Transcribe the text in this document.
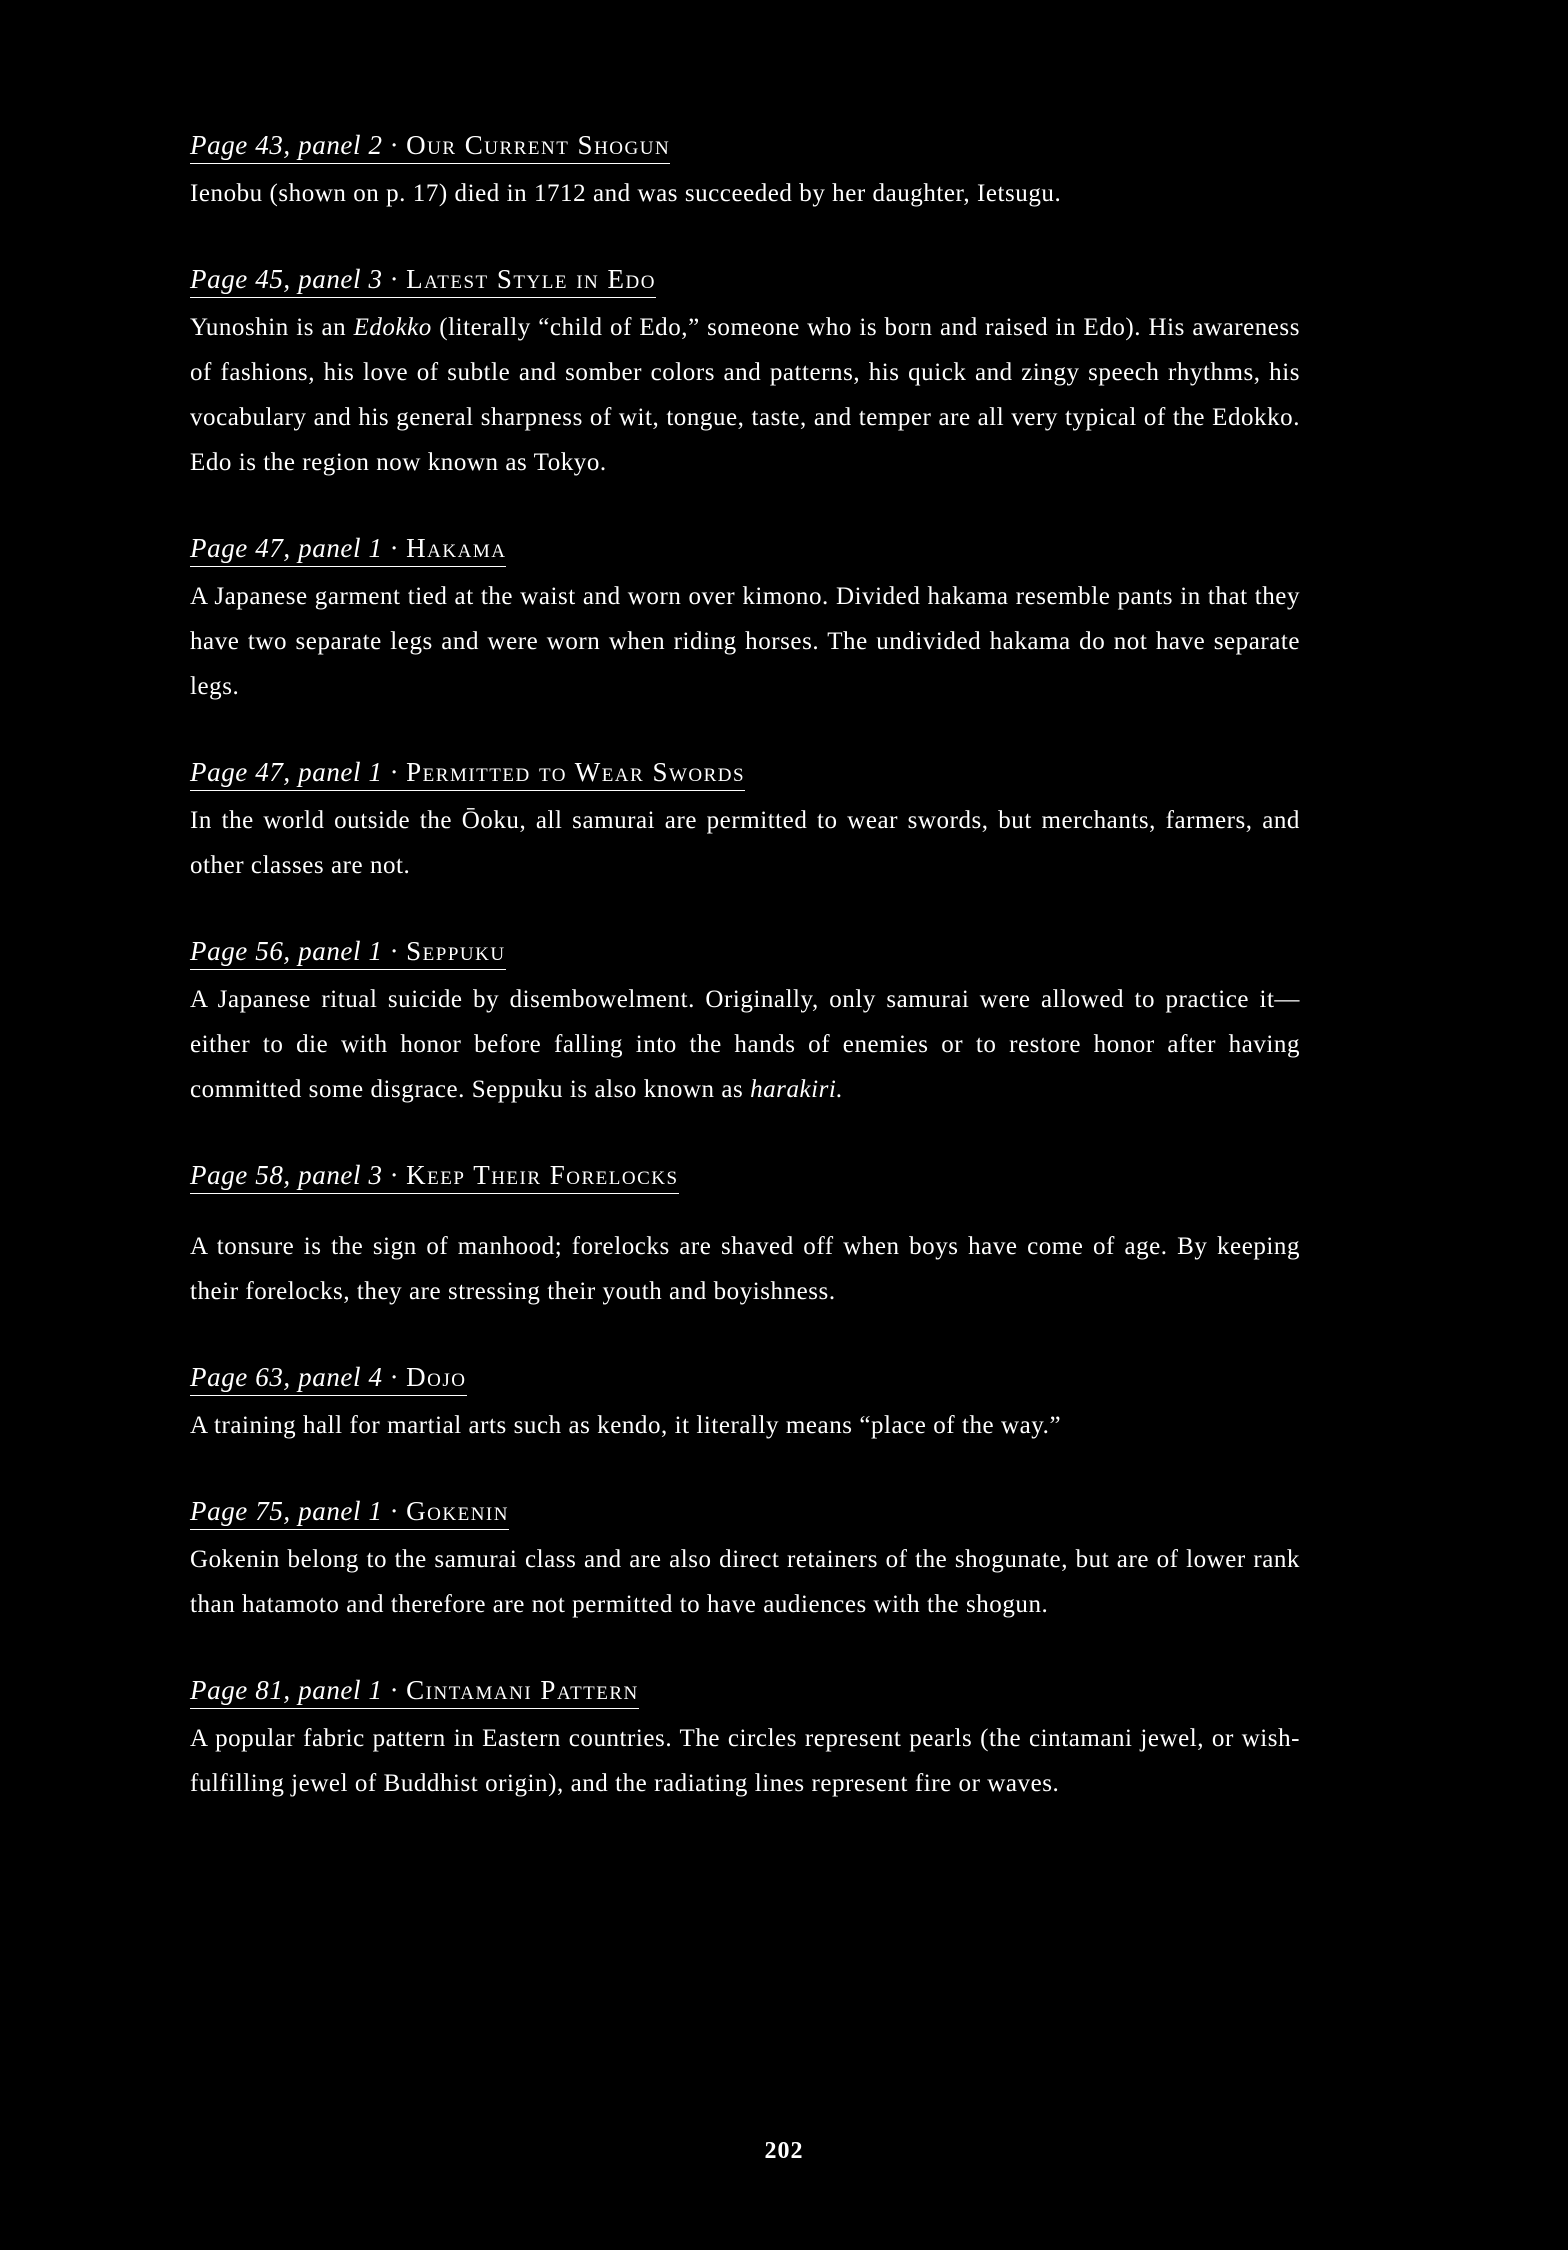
Page 43, panel 2 · Our Current Shogun
Ienobu (shown on p. 17) died in 1712 and was succeeded by her daughter, Ietsugu.
Page 45, panel 3 · Latest Style in Edo
Yunoshin is an Edokko (literally “child of Edo,” someone who is born and raised in Edo). His awareness of fashions, his love of subtle and somber colors and patterns, his quick and zingy speech rhythms, his vocabulary and his general sharpness of wit, tongue, taste, and temper are all very typical of the Edokko. Edo is the region now known as Tokyo.
Page 47, panel 1 · Hakama
A Japanese garment tied at the waist and worn over kimono. Divided hakama resemble pants in that they have two separate legs and were worn when riding horses. The undivided hakama do not have separate legs.
Page 47, panel 1 · Permitted to Wear Swords
In the world outside the Ōoku, all samurai are permitted to wear swords, but merchants, farmers, and other classes are not.
Page 56, panel 1 · Seppuku
A Japanese ritual suicide by disembowelment. Originally, only samurai were allowed to practice it—either to die with honor before falling into the hands of enemies or to restore honor after having committed some disgrace. Seppuku is also known as harakiri.
Page 58, panel 3 · Keep Their Forelocks
A tonsure is the sign of manhood; forelocks are shaved off when boys have come of age. By keeping their forelocks, they are stressing their youth and boyishness.
Page 63, panel 4 · Dojo
A training hall for martial arts such as kendo, it literally means “place of the way.”
Page 75, panel 1 · Gokenin
Gokenin belong to the samurai class and are also direct retainers of the shogunate, but are of lower rank than hatamoto and therefore are not permitted to have audiences with the shogun.
Page 81, panel 1 · Cintamani Pattern
A popular fabric pattern in Eastern countries. The circles represent pearls (the cintamani jewel, or wish-fulfilling jewel of Buddhist origin), and the radiating lines represent fire or waves.
202
